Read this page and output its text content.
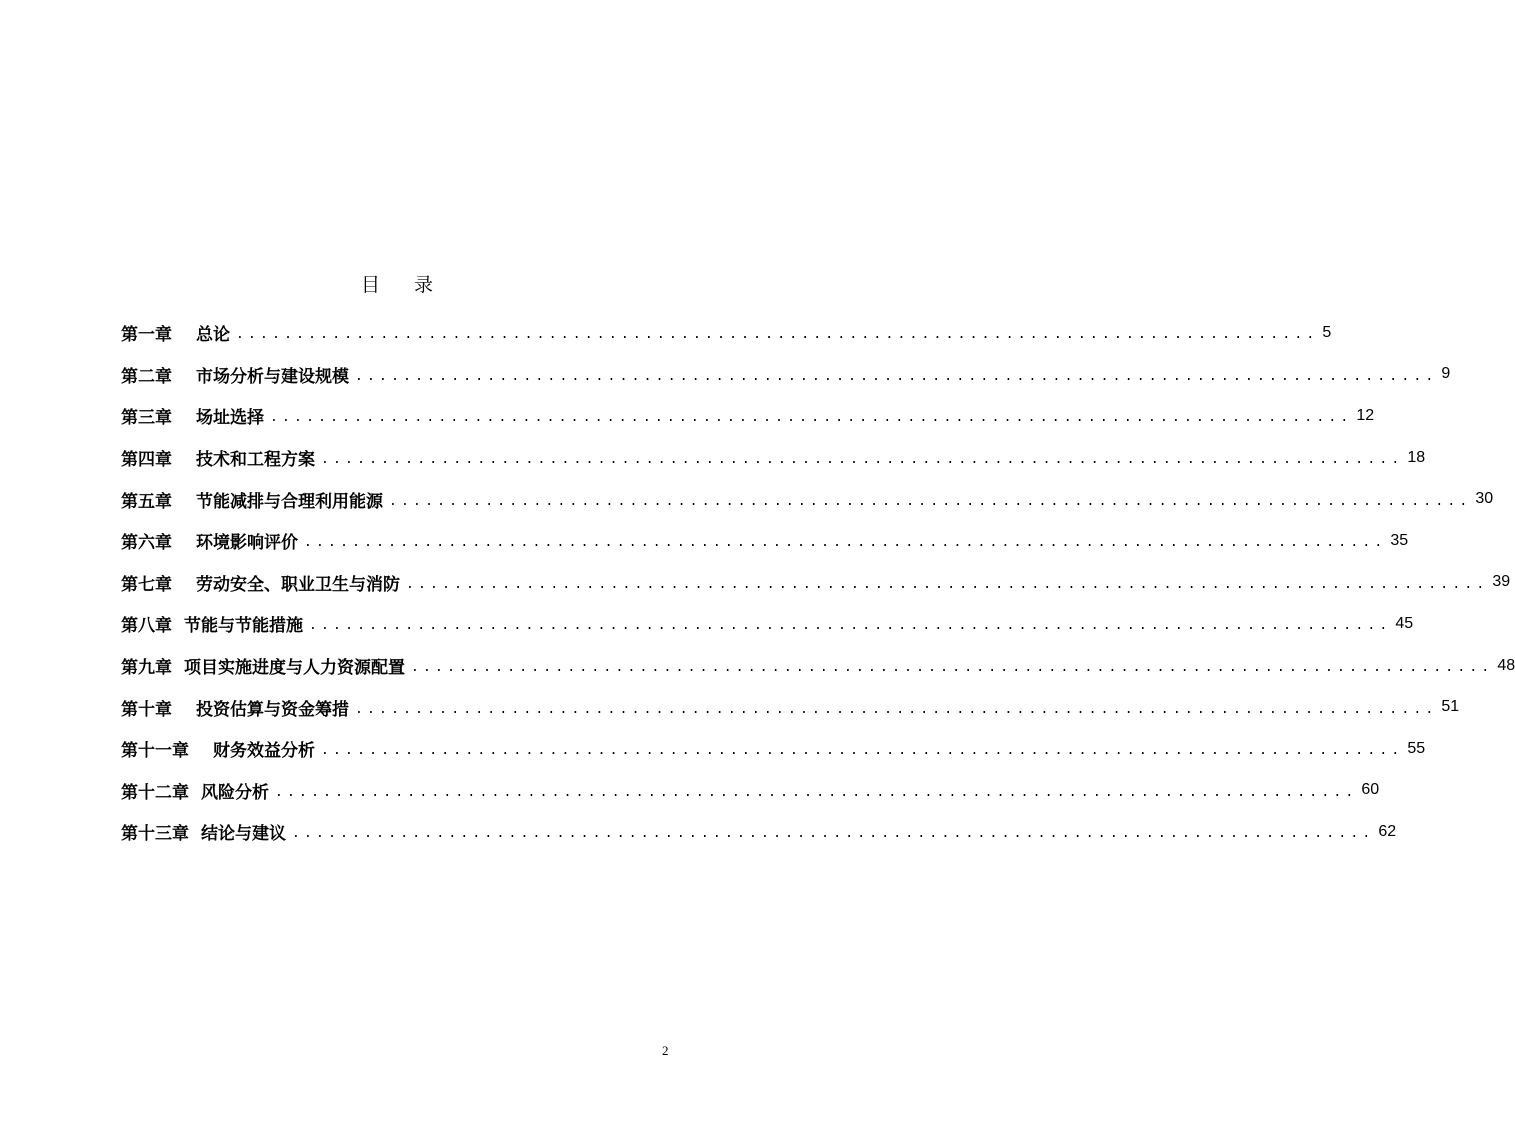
目 录
第一章 总论 .......................................................................................... 5
第二章 市场分析与建设规模 .......................................................................................... 9
第三章 场址选择 .......................................................................................... 12
第四章 技术和工程方案 .......................................................................................... 18
第五章 节能减排与合理利用能源 .......................................................................................... 30
第六章 环境影响评价 .......................................................................................... 35
第七章 劳动安全、职业卫生与消防 .......................................................................................... 39
第八章 节能与节能措施 .......................................................................................... 45
第九章 项目实施进度与人力资源配置 .......................................................................................... 48
第十章 投资估算与资金筹措 .......................................................................................... 51
第十一章 财务效益分析 .......................................................................................... 55
第十二章 风险分析 .......................................................................................... 60
第十三章 结论与建议 .......................................................................................... 62
2
